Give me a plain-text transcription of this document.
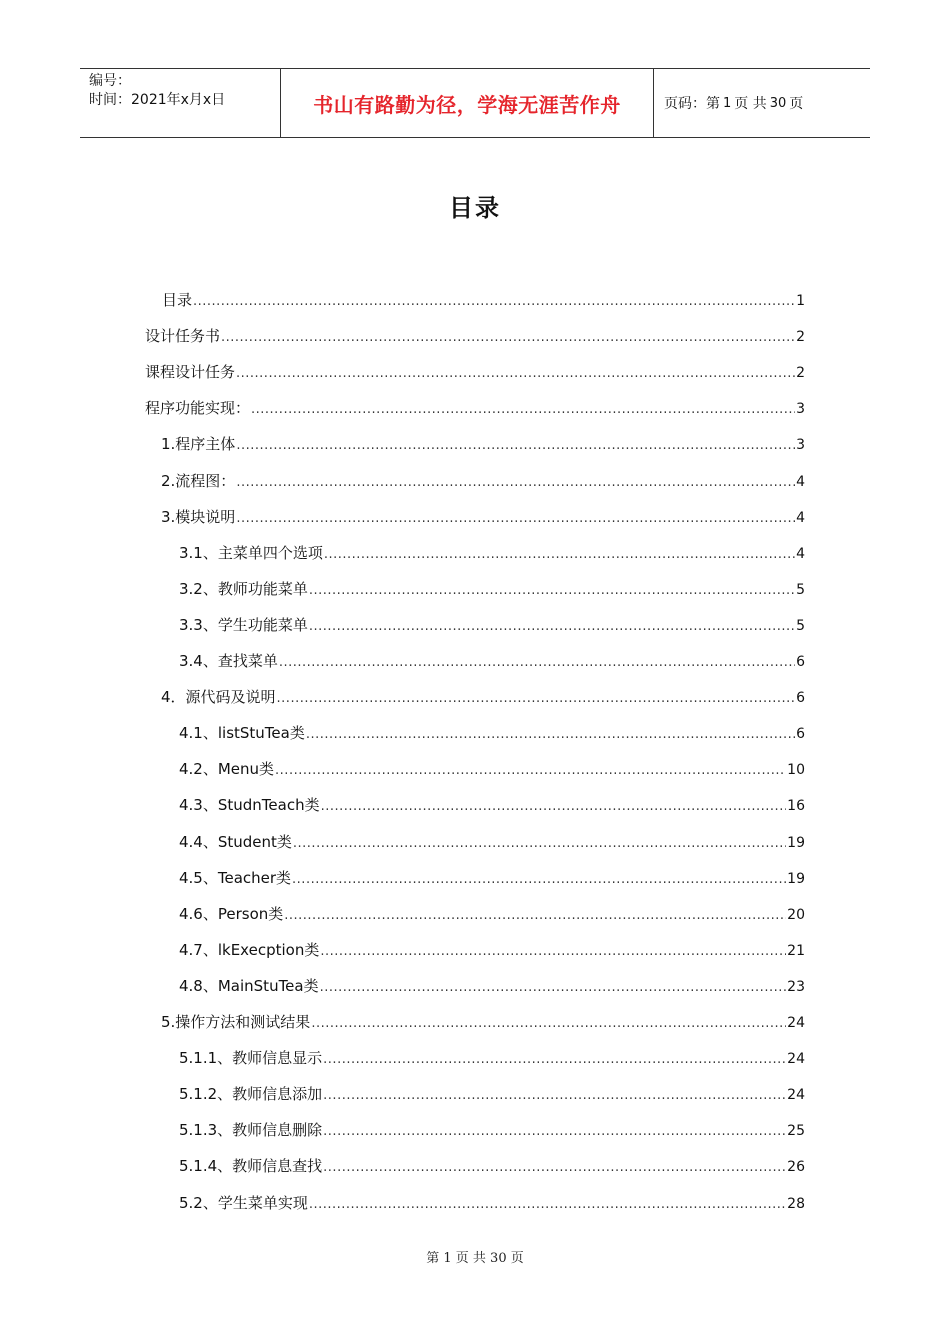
编号：
时间：2021年x月x日	书山有路勤为径，学海无涯苦作舟	页码：第 1 页 共 30 页
目录
目录 .....	1
设计任务书 .....	2
课程设计任务 .....	2
程序功能实现： .....	3
1.程序主体 .....	3
2.流程图： .....	4
3.模块说明 .....	4
3.1、主菜单四个选项 .....	4
3.2、教师功能菜单 .....	5
3.3、学生功能菜单 .....	5
3.4、查找菜单 .....	6
4．源代码及说明 .....	6
4.1、listStuTea类 .....	6
4.2、Menu类 .....	10
4.3、StudnTeach类 .....	16
4.4、Student类 .....	19
4.5、Teacher类 .....	19
4.6、Person类 .....	20
4.7、lkExecption类 .....	21
4.8、MainStuTea类 .....	23
5.操作方法和测试结果 .....	24
5.1.1、教师信息显示 .....	24
5.1.2、教师信息添加 .....	24
5.1.3、教师信息删除 .....	25
5.1.4、教师信息查找 .....	26
5.2、学生菜单实现 .....	28
第 1 页 共 30 页
